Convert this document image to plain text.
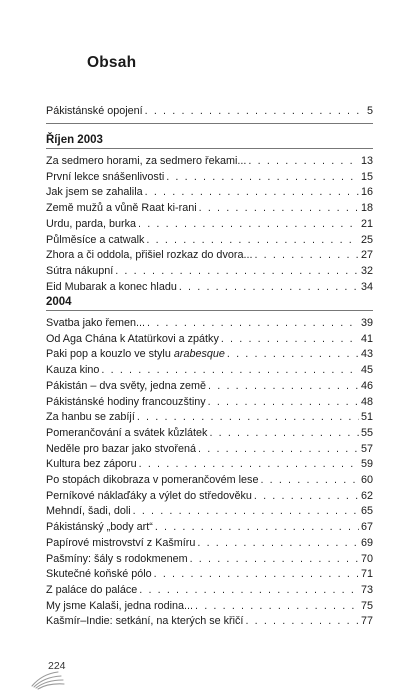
Obsah
Pákistánské opojení . . .	5
Říjen 2003
Za sedmero horami, za sedmero řekami... . . .	13
První lekce snášenlivosti . . .	15
Jak jsem se zahalila . . .	16
Země mužů a vůně Raat ki-rani . . .	18
Urdu, parda, burka . . .	21
Půlměsíce a catwalk . . .	25
Zhora a či oddola, přišiel rozkaz do dvora... . . .	27
Sútra nákupní . . .	32
Eid Mubarak a konec hladu . . .	34
2004
Svatba jako řemen... . . .	39
Od Aga Chána k Atatürkovi a zpátky . . .	41
Paki pop a kouzlo ve stylu arabesque . . .	43
Kauza kino . . .	45
Pákistán – dva světy, jedna země . . .	46
Pákistánské hodiny francouzštiny . . .	48
Za hanbu se zabíjí . . .	51
Pomerančování a svátek kůzlátek . . .	55
Neděle pro bazar jako stvořená . . .	57
Kultura bez záporu . . .	59
Po stopách dikobraza v pomerančovém lese . . .	60
Perníkové náklaďáky a výlet do středověku . . .	62
Mehndí, šadi, doli . . .	65
Pákistánský „body art“ . . .	67
Papírové mistrovství z Kašmíru . . .	69
Pašmíny: šály s rodokmenem . . .	70
Skutečné koňské pólo . . .	71
Z paláce do paláce . . .	73
My jsme Kalaši, jedna rodina... . . .	75
Kašmír–Indie: setkání, na kterých se křičí . . .	77
224
